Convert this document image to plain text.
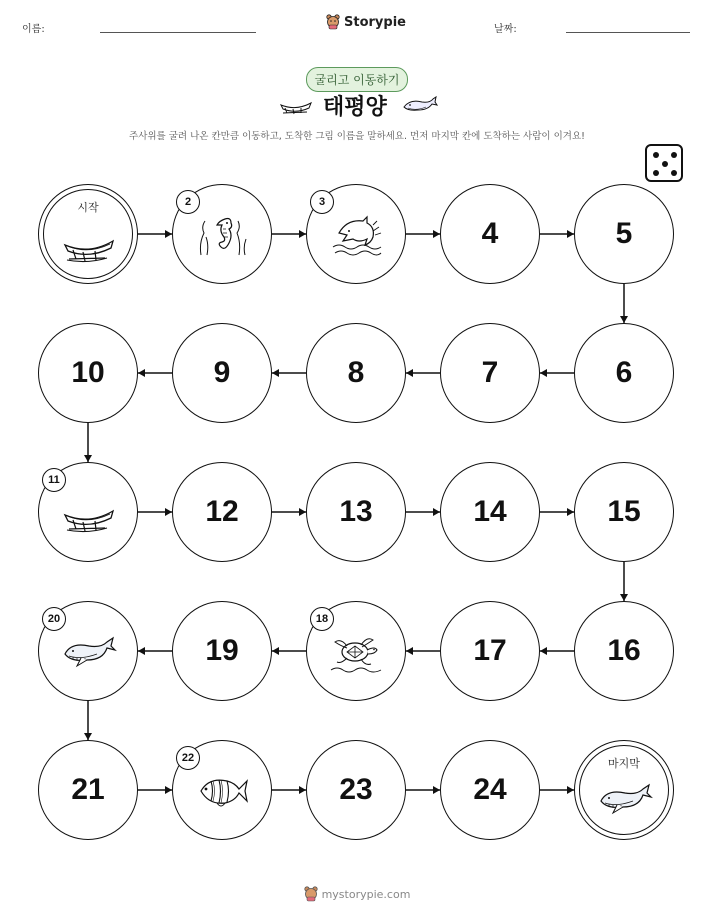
이름:	Storypie	날짜:
굴리고 이동하기
태평양
주사위를 굴려 나온 칸만큼 이동하고, 도착한 그림 이름을 말하세요. 먼저 마지막 칸에 도착하는 사람이 이겨요!
시작	2	3
4	5
6
7
8
9
10
11
12	13	14	15
16
17
18
19
20
21
22
23	24
마지막
mystorypie.com
